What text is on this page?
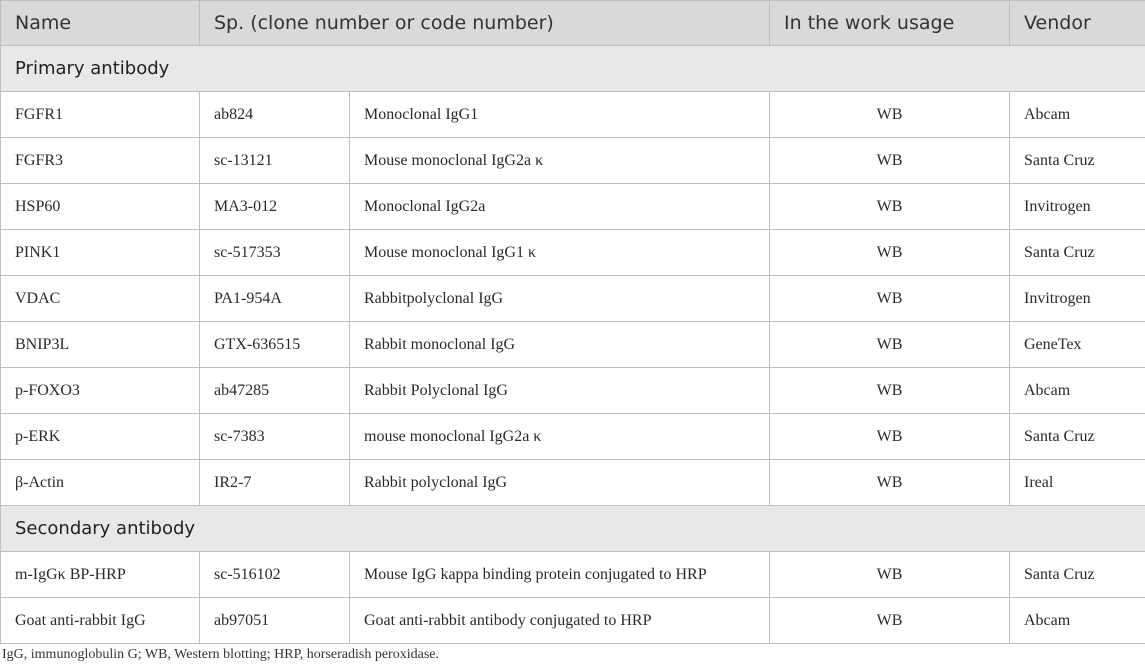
Name	Sp. (clone number or code number)		In the work usage	Vendor
Primary antibody				
FGFR1	ab824	Monoclonal IgG1	WB	Abcam
FGFR3	sc-13121	Mouse monoclonal IgG2a κ	WB	Santa Cruz
HSP60	MA3-012	Monoclonal IgG2a	WB	Invitrogen
PINK1	sc-517353	Mouse monoclonal IgG1 κ	WB	Santa Cruz
VDAC	PA1-954A	Rabbitpolyclonal IgG	WB	Invitrogen
BNIP3L	GTX-636515	Rabbit monoclonal IgG	WB	GeneTex
p-FOXO3	ab47285	Rabbit Polyclonal IgG	WB	Abcam
p-ERK	sc-7383	mouse monoclonal IgG2a κ	WB	Santa Cruz
β-Actin	IR2-7	Rabbit polyclonal IgG	WB	Ireal
Secondary antibody				
m-IgGκ BP-HRP	sc-516102	Mouse IgG kappa binding protein conjugated to HRP	WB	Santa Cruz
Goat anti-rabbit IgG	ab97051	Goat anti-rabbit antibody conjugated to HRP	WB	Abcam
IgG, immunoglobulin G; WB, Western blotting; HRP, horseradish peroxidase.
